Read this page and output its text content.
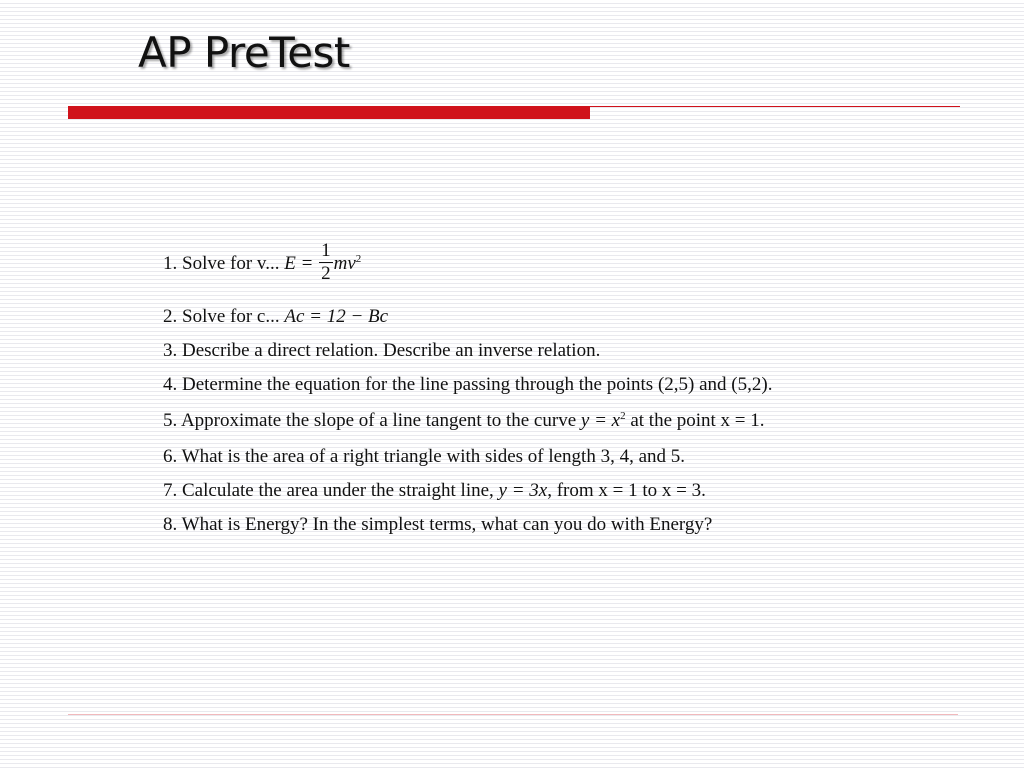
AP PreTest
1. Solve for v... $E = \frac{1}{2} mv^2$
2. Solve for c... Ac = 12 − Bc
3. Describe a direct relation. Describe an inverse relation.
4. Determine the equation for the line passing through the points (2,5) and (5,2).
5. Approximate the slope of a line tangent to the curve $y = x^2$ at the point x = 1.
6. What is the area of a right triangle with sides of length 3, 4, and 5.
7. Calculate the area under the straight line, y = 3x, from x = 1 to x = 3.
8. What is Energy? In the simplest terms, what can you do with Energy?
